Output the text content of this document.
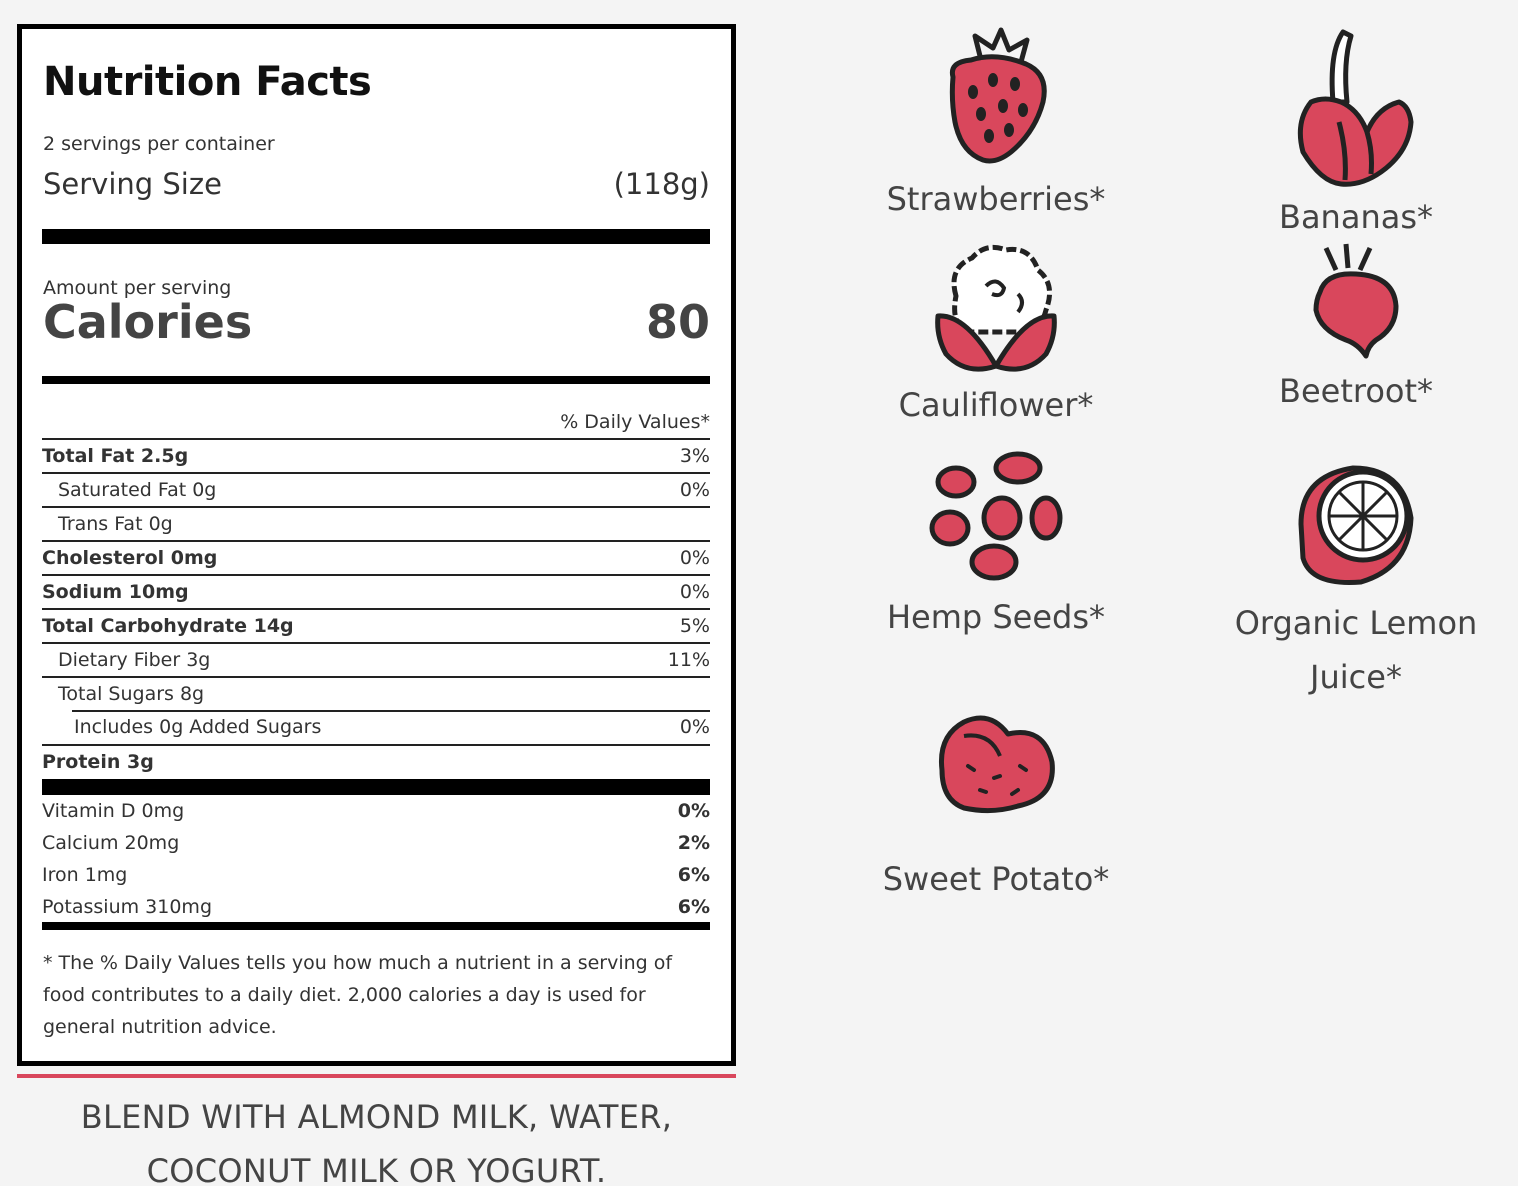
Nutrition Facts
2 servings per container
Serving Size	(118g)
Amount per serving
Calories	80
% Daily Values*
Total Fat 2.5g	3%
Saturated Fat 0g	0%
Trans Fat 0g
Cholesterol 0mg	0%
Sodium 10mg	0%
Total Carbohydrate 14g	5%
Dietary Fiber 3g	11%
Total Sugars 8g
Includes 0g Added Sugars	0%
Protein 3g
Vitamin D 0mg	0%
Calcium 20mg	2%
Iron 1mg	6%
Potassium 310mg	6%
* The % Daily Values tells you how much a nutrient in a serving of food contributes to a daily diet. 2,000 calories a day is used for general nutrition advice.
BLEND WITH ALMOND MILK, WATER,
COCONUT MILK OR YOGURT.
Strawberries*	Bananas*
Cauliflower*	Beetroot*
Hemp Seeds*	Organic Lemon
Juice*
Sweet Potato*
